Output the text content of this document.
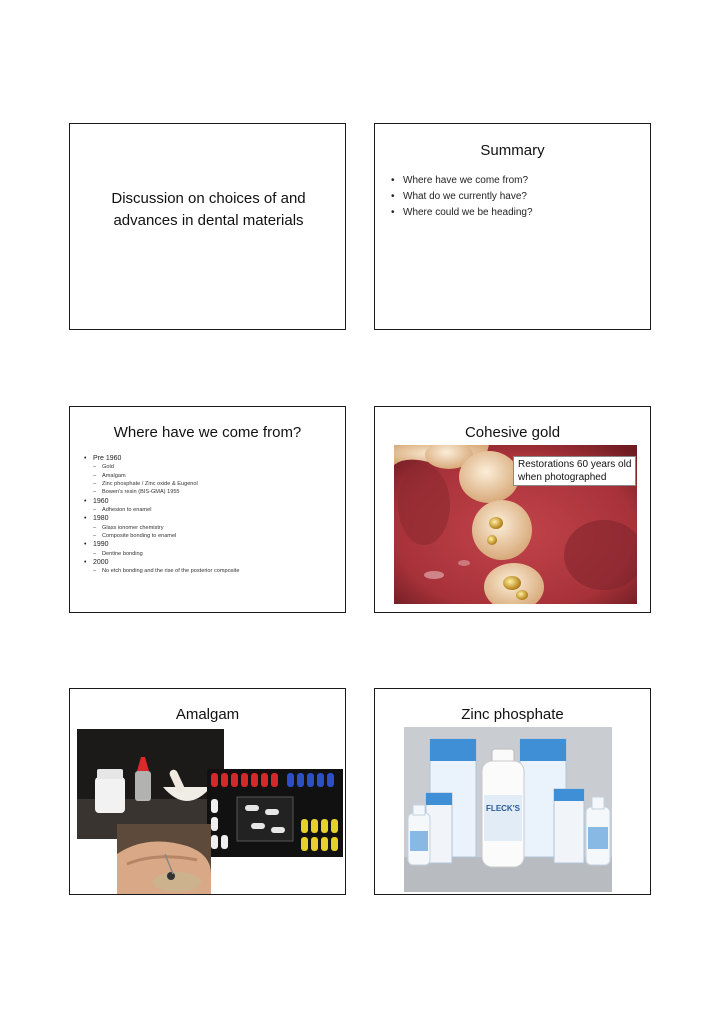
Discussion on choices of and advances in dental materials
Summary
• Where have we come from?
• What do we currently have?
• Where could we be heading?
Where have we come from?
• Pre 1960
– Gold
– Amalgam
– Zinc phosphate / Zinc oxide & Eugenol
– Bowen's resin (BIS-GMA) 1955
• 1960
– Adhesion to enamel
• 1980
– Glass ionomer chemistry
– Composite bonding to enamel
• 1990
– Dentine bonding
• 2000
– No etch bonding and the rise of the posterior composite
Cohesive gold
Restorations 60 years old
when photographed
Amalgam	Zinc phosphate
FLECK'S
